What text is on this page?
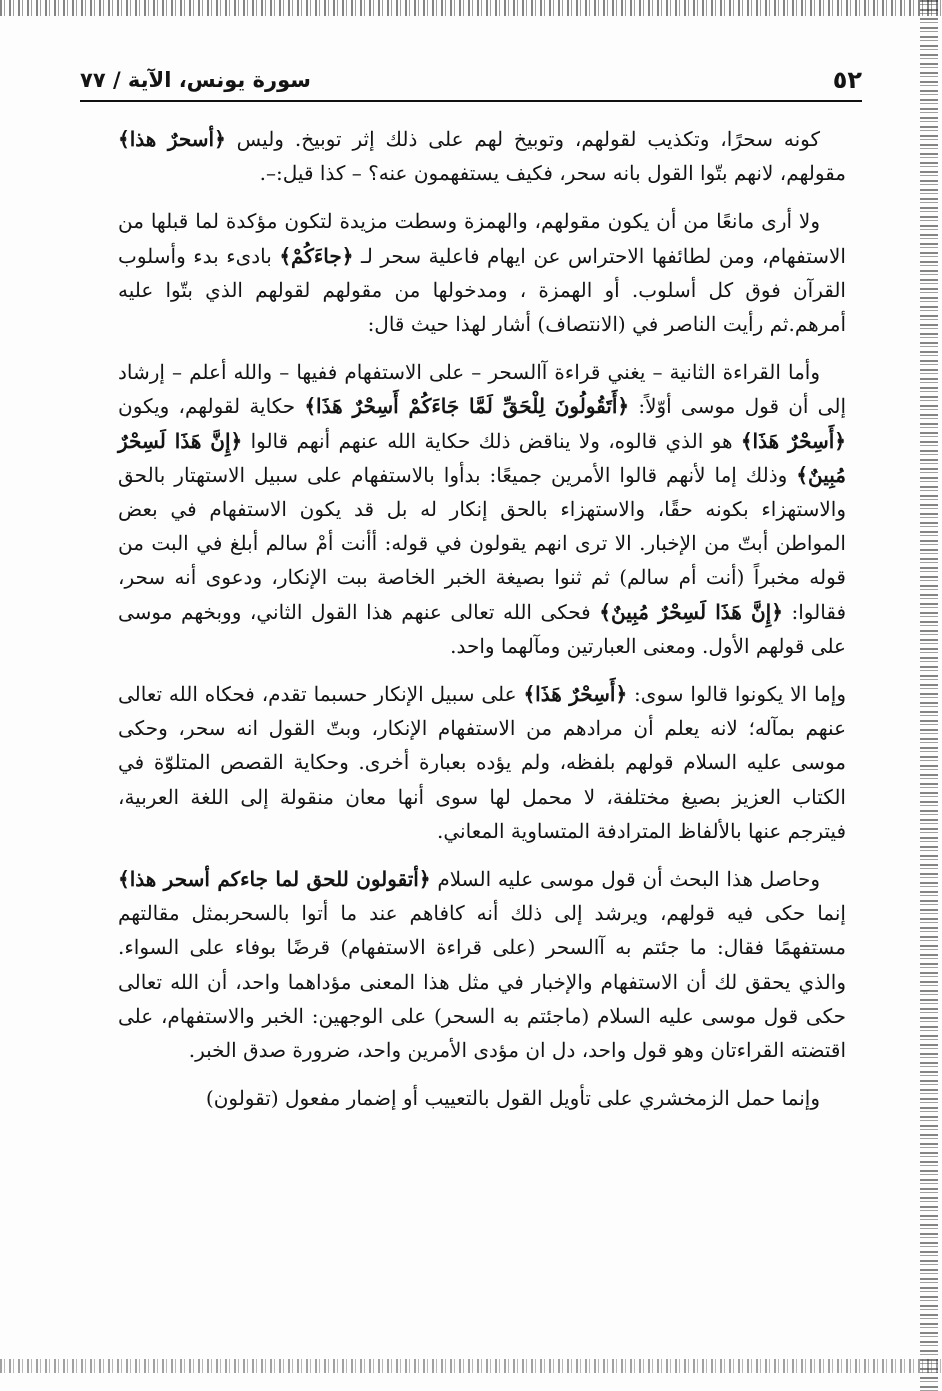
٥٢
سورة يونس، الآية / ٧٧

كونه سحرًا، وتكذيب لقولهم، وتوبيخ لهم على ذلك إثر توبيخ. وليس ﴿أسحرٌ هذا﴾ مقولهم، لانهم بتّوا القول بانه سحر، فكيف يستفهمون عنه؟ – كذا قيل:–.

ولا أرى مانعًا من أن يكون مقولهم، والهمزة وسطت مزيدة لتكون مؤكدة لما قبلها من الاستفهام، ومن لطائفها الاحتراس عن ايهام فاعلية سحر لـ ﴿جاءَكُمْ﴾ بادىء بدء وأسلوب القرآن فوق كل أسلوب. أو الهمزة ، ومدخولها من مقولهم لقولهم الذي بتّوا عليه أمرهم.ثم رأيت الناصر في (الانتصاف) أشار لهذا حيث قال:

وأما القراءة الثانية – يغني قراءة آالسحر – على الاستفهام ففيها – والله أعلم – إرشاد إلى أن قول موسى أوّلاً: ﴿أَتَقُولُونَ لِلْحَقِّ لَمَّا جَاءَكُمْ أَسِحْرٌ هَذَا﴾ حكاية لقولهم، ويكون ﴿أَسِحْرٌ هَذَا﴾ هو الذي قالوه، ولا يناقض ذلك حكاية الله عنهم أنهم قالوا ﴿إِنَّ هَذَا لَسِحْرٌ مُبِينٌ﴾ وذلك إما لأنهم قالوا الأمرين جميعًا: بدأوا بالاستفهام على سبيل الاستهتار بالحق والاستهزاء بكونه حقًا، والاستهزاء بالحق إنكار له بل قد يكون الاستفهام في بعض المواطن أبتّ من الإخبار. الا ترى انهم يقولون في قوله: أأنت أمْ سالم أبلغ في البت من قوله مخبراً (أنت أم سالم) ثم ثنوا بصيغة الخبر الخاصة ببت الإنكار، ودعوى أنه سحر، فقالوا: ﴿إِنَّ هَذَا لَسِحْرٌ مُبِينٌ﴾ فحكى الله تعالى عنهم هذا القول الثاني، ووبخهم موسى على قولهم الأول. ومعنى العبارتين ومآلهما واحد.

وإما الا يكونوا قالوا سوى: ﴿أَسِحْرٌ هَذَا﴾ على سبيل الإنكار حسبما تقدم، فحكاه الله تعالى عنهم بمآله؛ لانه يعلم أن مرادهم من الاستفهام الإنكار، وبتّ القول انه سحر، وحكى موسى عليه السلام قولهم بلفظه، ولم يؤده بعبارة أخرى. وحكاية القصص المتلوّة في الكتاب العزيز بصيغ مختلفة، لا محمل لها سوى أنها معان منقولة إلى اللغة العربية، فيترجم عنها بالألفاظ المترادفة المتساوية المعاني.

وحاصل هذا البحث أن قول موسى عليه السلام ﴿أتقولون للحق لما جاءكم أسحر هذا﴾ إنما حكى فيه قولهم، ويرشد إلى ذلك أنه كافاهم عند ما أتوا بالسحربمثل مقالتهم مستفهمًا فقال: ما جئتم به آالسحر (على قراءة الاستفهام) قرضًا بوفاء على السواء. والذي يحقق لك أن الاستفهام والإخبار في مثل هذا المعنى مؤداهما واحد، أن الله تعالى حكى قول موسى عليه السلام (ماجئتم به السحر) على الوجهين: الخبر والاستفهام، على اقتضته القراءتان وهو قول واحد، دل ان مؤدى الأمرين واحد، ضرورة صدق الخبر.

وإنما حمل الزمخشري على تأويل القول بالتعييب أو إضمار مفعول (تقولون)
